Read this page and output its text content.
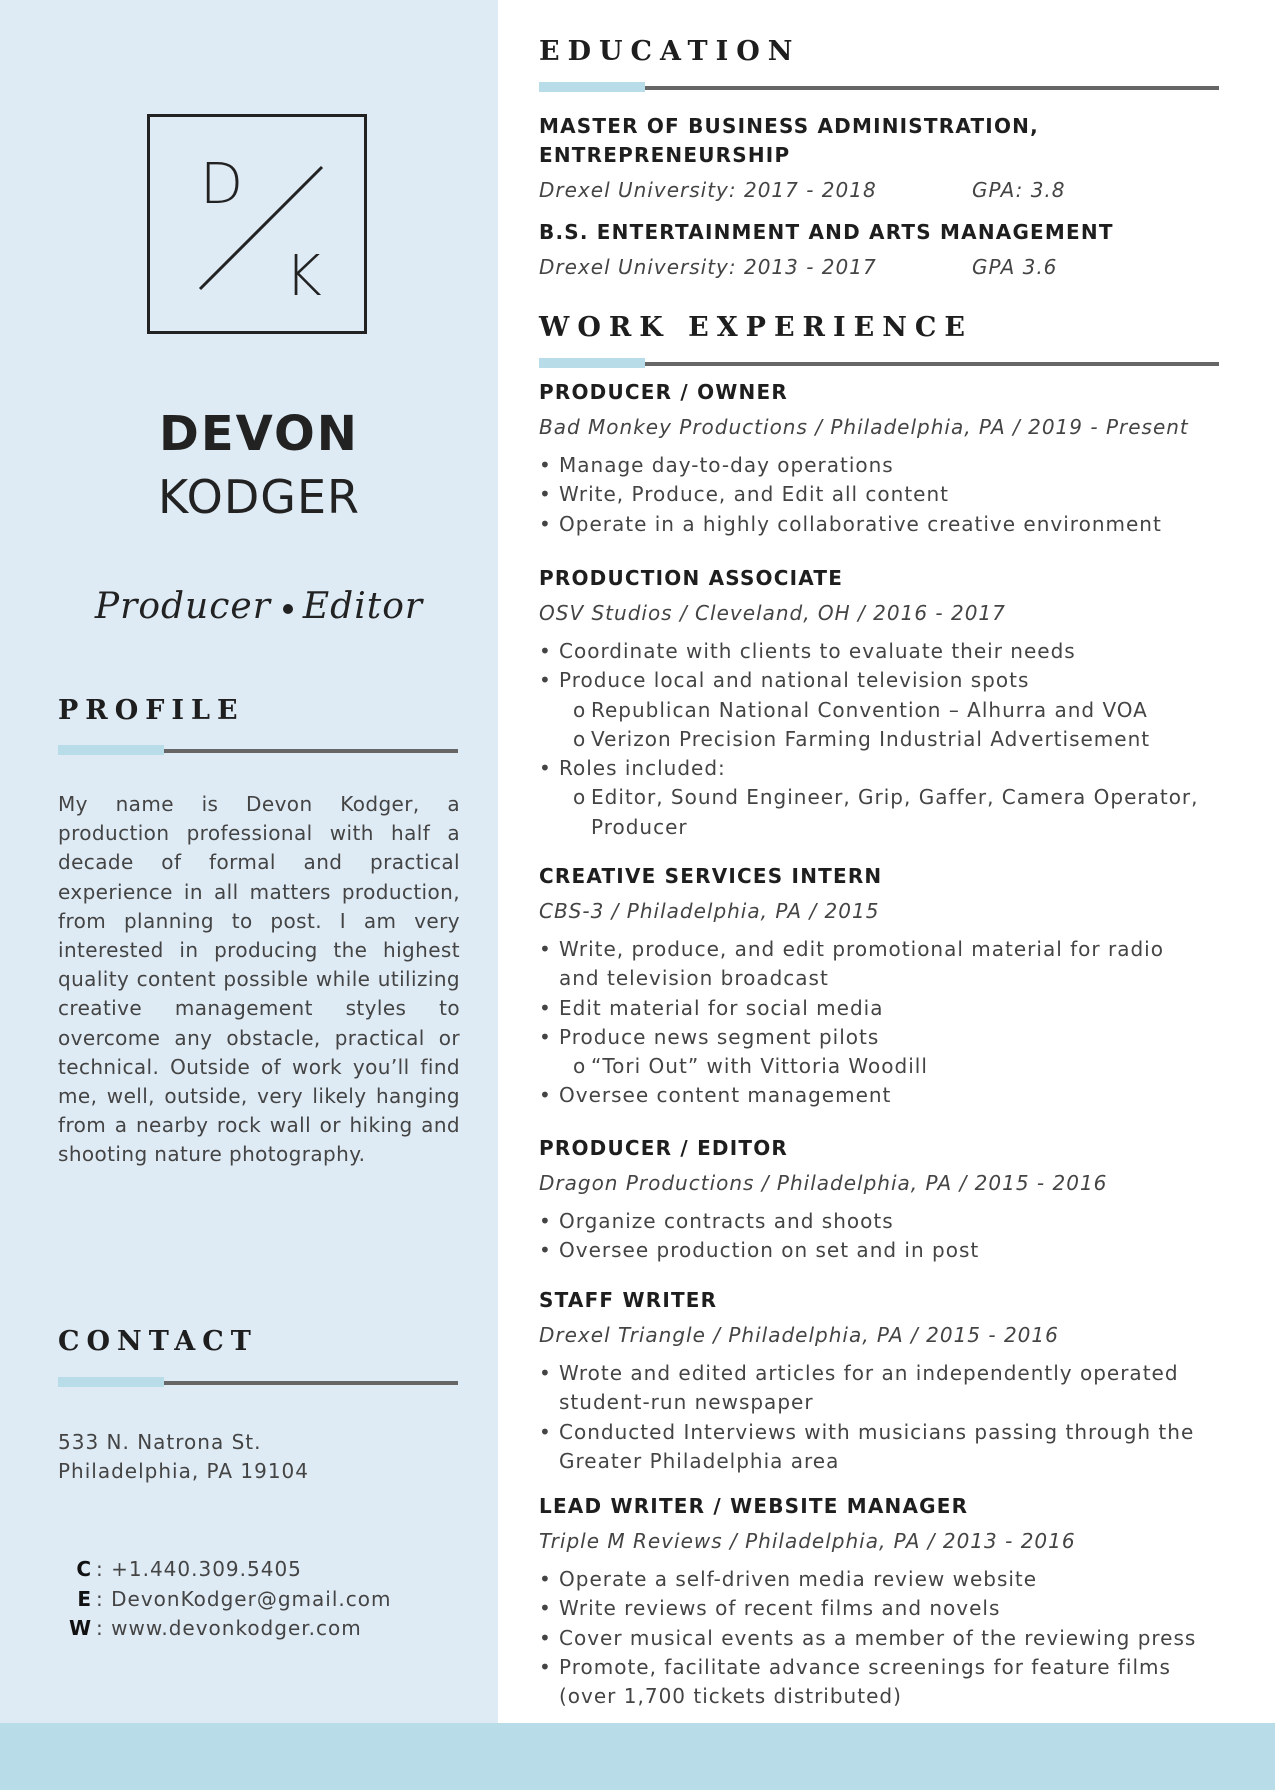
D
K
DEVON
KODGER
Producer Editor
PROFILE
My name is Devon Kodger, a production professional with half a decade of formal and practical experience in all matters production, from planning to post. I am very interested in producing the highest quality content possible while utilizing creative management styles to overcome any obstacle, practical or technical. Outside of work you’ll find me, well, outside, very likely hanging from a nearby rock wall or hiking and shooting nature photography.
CONTACT
533 N. Natrona St.
Philadelphia, PA 19104
C : +1.440.309.5405
E : DevonKodger@gmail.com
W : www.devonkodger.com
EDUCATION
MASTER OF BUSINESS ADMINISTRATION,
ENTREPRENEURSHIP
Drexel University: 2017 - 2018	GPA: 3.8
B.S. ENTERTAINMENT AND ARTS MANAGEMENT
Drexel University: 2013 - 2017	GPA 3.6
WORK EXPERIENCE
PRODUCER / OWNER
Bad Monkey Productions / Philadelphia, PA / 2019 - Present
• Manage day-to-day operations
• Write, Produce, and Edit all content
• Operate in a highly collaborative creative environment
PRODUCTION ASSOCIATE
OSV Studios / Cleveland, OH / 2016 - 2017
• Coordinate with clients to evaluate their needs
• Produce local and national television spots
o Republican National Convention – Alhurra and VOA
o Verizon Precision Farming Industrial Advertisement
• Roles included:
o Editor, Sound Engineer, Grip, Gaffer, Camera Operator,
Producer
CREATIVE SERVICES INTERN
CBS-3 / Philadelphia, PA / 2015
• Write, produce, and edit promotional material for radio
and television broadcast
• Edit material for social media
• Produce news segment pilots
o “Tori Out” with Vittoria Woodill
• Oversee content management
PRODUCER / EDITOR
Dragon Productions / Philadelphia, PA / 2015 - 2016
• Organize contracts and shoots
• Oversee production on set and in post
STAFF WRITER
Drexel Triangle / Philadelphia, PA / 2015 - 2016
• Wrote and edited articles for an independently operated
student-run newspaper
• Conducted Interviews with musicians passing through the
Greater Philadelphia area
LEAD WRITER / WEBSITE MANAGER
Triple M Reviews / Philadelphia, PA / 2013 - 2016
• Operate a self-driven media review website
• Write reviews of recent films and novels
• Cover musical events as a member of the reviewing press
• Promote, facilitate advance screenings for feature films
(over 1,700 tickets distributed)
